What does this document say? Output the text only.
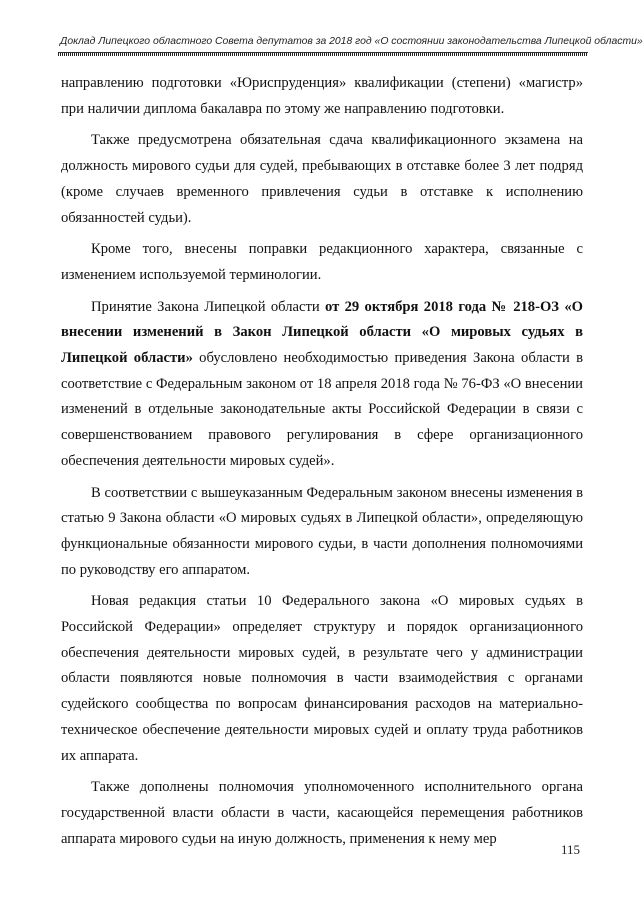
Доклад Липецкого областного Совета депутатов за 2018 год «О состоянии законодательства Липецкой области»

направлению подготовки «Юриспруденция» квалификации (степени) «магистр» при наличии диплома бакалавра по этому же направлению подготовки.

Также предусмотрена обязательная сдача квалификационного экзамена на должность мирового судьи для судей, пребывающих в отставке более 3 лет подряд (кроме случаев временного привлечения судьи в отставке к исполнению обязанностей судьи).

Кроме того, внесены поправки редакционного характера, связанные с изменением используемой терминологии.

Принятие Закона Липецкой области от 29 октября 2018 года № 218-ОЗ «О внесении изменений в Закон Липецкой области «О мировых судьях в Липецкой области» обусловлено необходимостью приведения Закона области в соответствие с Федеральным законом от 18 апреля 2018 года № 76-ФЗ «О внесении изменений в отдельные законодательные акты Российской Федерации в связи с совершенствованием правового регулирования в сфере организационного обеспечения деятельности мировых судей».

В соответствии с вышеуказанным Федеральным законом внесены изменения в статью 9 Закона области «О мировых судьях в Липецкой области», определяющую функциональные обязанности мирового судьи, в части дополнения полномочиями по руководству его аппаратом.

Новая редакция статьи 10 Федерального закона «О мировых судьях в Российской Федерации» определяет структуру и порядок организационного обеспечения деятельности мировых судей, в результате чего у администрации области появляются новые полномочия в части взаимодействия с органами судейского сообщества по вопросам финансирования расходов на материально-техническое обеспечение деятельности мировых судей и оплату труда работников их аппарата.

Также дополнены полномочия уполномоченного исполнительного органа государственной власти области в части, касающейся перемещения работников аппарата мирового судьи на иную должность, применения к нему мер

115
